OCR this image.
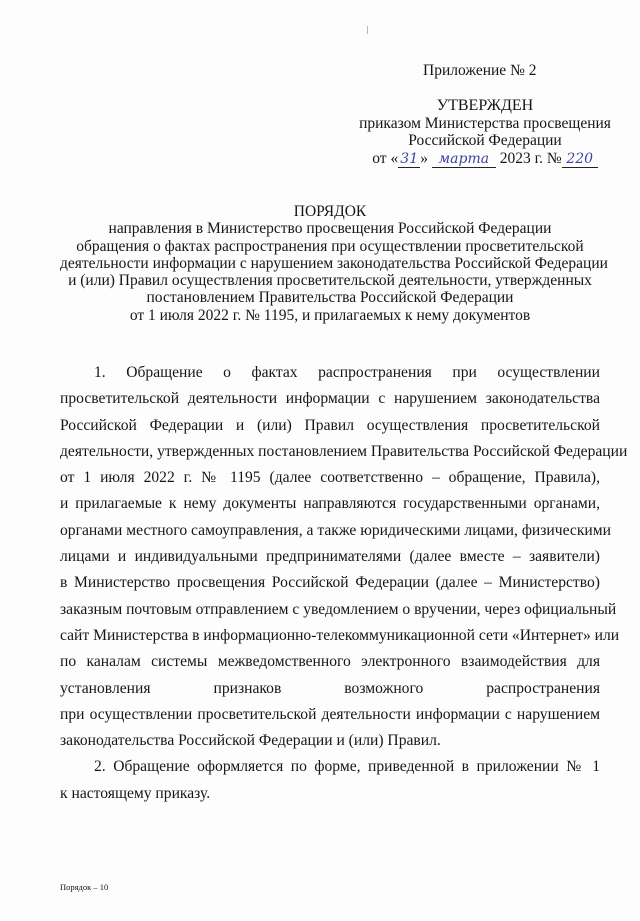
Приложение № 2
УТВЕРЖДЕН
приказом Министерства просвещения
Российской Федерации
от « 31 » марта 2023 г. № 220
ПОРЯДОК
направления в Министерство просвещения Российской Федерации
обращения о фактах распространения при осуществлении просветительской
деятельности информации с нарушением законодательства Российской Федерации
и (или) Правил осуществления просветительской деятельности, утвержденных
постановлением Правительства Российской Федерации
от 1 июля 2022 г. № 1195, и прилагаемых к нему документов
1. Обращение о фактах распространения при осуществлении
просветительской деятельности информации с нарушением законодательства
Российской Федерации и (или) Правил осуществления просветительской
деятельности, утвержденных постановлением Правительства Российской Федерации
от 1 июля 2022 г. № 1195 (далее соответственно – обращение, Правила),
и прилагаемые к нему документы направляются государственными органами,
органами местного самоуправления, а также юридическими лицами, физическими
лицами и индивидуальными предпринимателями (далее вместе – заявители)
в Министерство просвещения Российской Федерации (далее – Министерство)
заказным почтовым отправлением с уведомлением о вручении, через официальный
сайт Министерства в информационно-телекоммуникационной сети «Интернет» или
по каналам системы межведомственного электронного взаимодействия для
установления признаков возможного распространения
при осуществлении просветительской деятельности информации с нарушением
законодательства Российской Федерации и (или) Правил.
2. Обращение оформляется по форме, приведенной в приложении № 1
к настоящему приказу.
Порядок – 10
